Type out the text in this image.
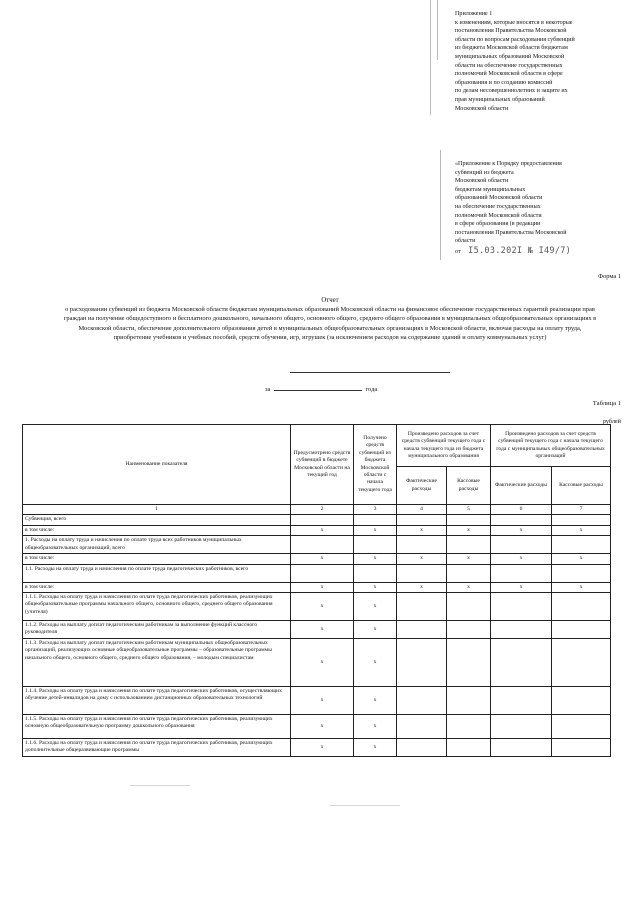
Приложение 1
к изменениям, которые вносятся в некоторые
постановления Правительства Московской
области по вопросам расходования субвенций
из бюджета Московской области бюджетам
муниципальных образований Московской
области на обеспечение государственных
полномочий Московской области в сфере
образования и по созданию комиссий
по делам несовершеннолетних и защите их
прав муниципальных образований
Московской области
«Приложение к Порядку предоставления
субвенций из бюджета
Московской области
бюджетам муниципальных
образований Московской области
на обеспечение государственных
полномочий Московской области
в сфере образования (в редакции
постановления Правительства Московской
области
от I5.03.202I № I49/7)
Форма 1
Отчет
о расходовании субвенций из бюджета Московской области бюджетам муниципальных образований Московской области на финансовое обеспечение государственных гарантий реализации прав граждан на получение общедоступного и бесплатного дошкольного, начального общего, основного общего, среднего общего образования в муниципальных общеобразовательных организациях в Московской области, обеспечение дополнительного образования детей в муниципальных общеобразовательных организациях в Московской области, включая расходы на оплату труда, приобретение учебников и учебных пособий, средств обучения, игр, игрушек (за исключением расходов на содержание зданий и оплату коммунальных услуг)
за	года
Таблица 1
рублей
Наименование показателя	Предусмотрено средств субвенций в бюджете Московской области на текущий год	Получено средств субвенций из бюджета Московской области с начала текущего года	Произведено расходов за счет средств субвенций текущего года с начала текущего года из бюджета муниципального образования		Произведено расходов за счет средств субвенций текущего года с начала текущего года с муниципальных общеобразовательных организаций	
			Фактические расходы	Кассовые расходы	Фактические расходы	Кассовые расходы
1	2	3	4	5	6	7
Субвенция, всего						
в том числе:	x	x	x	x	x	x
1. Расходы на оплату труда и начисления по оплате труда всех работников муниципальных общеобразовательных организаций, всего						
в том числе:	x	x	x	x	x	x
1.1. Расходы на оплату труда и начисления по оплате труда педагогических работников, всего						
в том числе:	x	x	x	x	x	x
1.1.1. Расходы на оплату труда и начисления по оплате труда педагогических работников, реализующих общеобразовательные программы начального общего, основного общего, среднего общего образования (учителя)	x	x				
1.1.2. Расходы на выплату доплат педагогическим работникам за выполнение функций классного руководителя	x	x				
1.1.3. Расходы на выплату доплат педагогическим работникам муниципальных общеобразовательных организаций, реализующих основные общеобразовательные программы – образовательные программы начального общего, основного общего, среднего общего образования, – молодым специалистам	x	x				
1.1.4. Расходы на оплату труда и начисления по оплате труда педагогических работников, осуществляющих обучение детей-инвалидов на дому с использованием дистанционных образовательных технологий	x	x				
1.1.5. Расходы на оплату труда и начисления по оплате труда педагогических работников, реализующих основную общеобразовательную программу дошкольного образования	x	x				
1.1.6. Расходы на оплату труда и начисления по оплате труда педагогических работников, реализующих дополнительные общеразвивающие программы	x	x				
